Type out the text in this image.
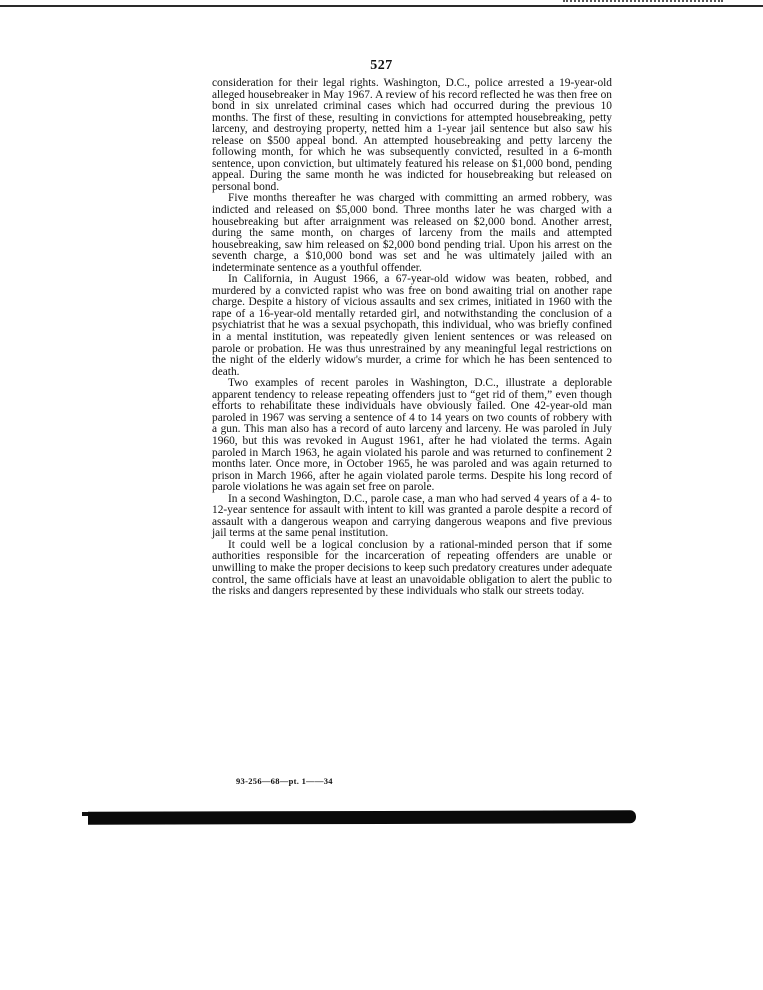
527

consideration for their legal rights. Washington, D.C., police arrested a 19-year-old alleged housebreaker in May 1967. A review of his record reflected he was then free on bond in six unrelated criminal cases which had occurred during the previous 10 months. The first of these, resulting in convictions for attempted housebreaking, petty larceny, and destroying property, netted him a 1-year jail sentence but also saw his release on $500 appeal bond. An attempted housebreaking and petty larceny the following month, for which he was subsequently convicted, resulted in a 6-month sentence, upon conviction, but ultimately featured his release on $1,000 bond, pending appeal. During the same month he was indicted for housebreaking but released on personal bond.

Five months thereafter he was charged with committing an armed robbery, was indicted and released on $5,000 bond. Three months later he was charged with a housebreaking but after arraignment was released on $2,000 bond. Another arrest, during the same month, on charges of larceny from the mails and attempted housebreaking, saw him released on $2,000 bond pending trial. Upon his arrest on the seventh charge, a $10,000 bond was set and he was ultimately jailed with an indeterminate sentence as a youthful offender.

In California, in August 1966, a 67-year-old widow was beaten, robbed, and murdered by a convicted rapist who was free on bond awaiting trial on another rape charge. Despite a history of vicious assaults and sex crimes, initiated in 1960 with the rape of a 16-year-old mentally retarded girl, and notwithstanding the conclusion of a psychiatrist that he was a sexual psychopath, this individual, who was briefly confined in a mental institution, was repeatedly given lenient sentences or was released on parole or probation. He was thus unrestrained by any meaningful legal restrictions on the night of the elderly widow's murder, a crime for which he has been sentenced to death.

Two examples of recent paroles in Washington, D.C., illustrate a deplorable apparent tendency to release repeating offenders just to “get rid of them,” even though efforts to rehabilitate these individuals have obviously failed. One 42-year-old man paroled in 1967 was serving a sentence of 4 to 14 years on two counts of robbery with a gun. This man also has a record of auto larceny and larceny. He was paroled in July 1960, but this was revoked in August 1961, after he had violated the terms. Again paroled in March 1963, he again violated his parole and was returned to confinement 2 months later. Once more, in October 1965, he was paroled and was again returned to prison in March 1966, after he again violated parole terms. Despite his long record of parole violations he was again set free on parole.

In a second Washington, D.C., parole case, a man who had served 4 years of a 4- to 12-year sentence for assault with intent to kill was granted a parole despite a record of assault with a dangerous weapon and carrying dangerous weapons and five previous jail terms at the same penal institution.

It could well be a logical conclusion by a rational-minded person that if some authorities responsible for the incarceration of repeating offenders are unable or unwilling to make the proper decisions to keep such predatory creatures under adequate control, the same officials have at least an unavoidable obligation to alert the public to the risks and dangers represented by these individuals who stalk our streets today.

93-256—68—pt. 1——34
